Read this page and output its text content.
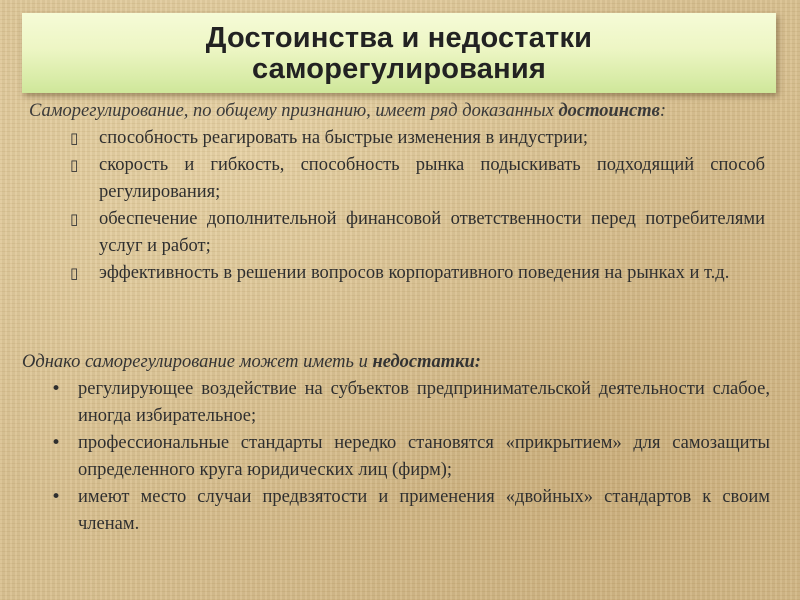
Достоинства и недостатки
саморегулирования
Саморегулирование, по общему признанию, имеет ряд доказанных достоинств:
▯ способность реагировать на быстрые изменения в индустрии;
▯ скорость и гибкость, способность рынка подыскивать подходящий способ регулирования;
▯ обеспечение дополнительной финансовой ответственности перед потребителями услуг и работ;
▯ эффективность в решении вопросов корпоративного поведения на рынках и т.д.
Однако саморегулирование может иметь и недостатки:
• регулирующее воздействие на субъектов предпринимательской деятельности слабое, иногда избирательное;
• профессиональные стандарты нередко становятся «прикрытием» для самозащиты определенного круга юридических лиц (фирм);
• имеют место случаи предвзятости и применения «двойных» стандартов к своим членам.
